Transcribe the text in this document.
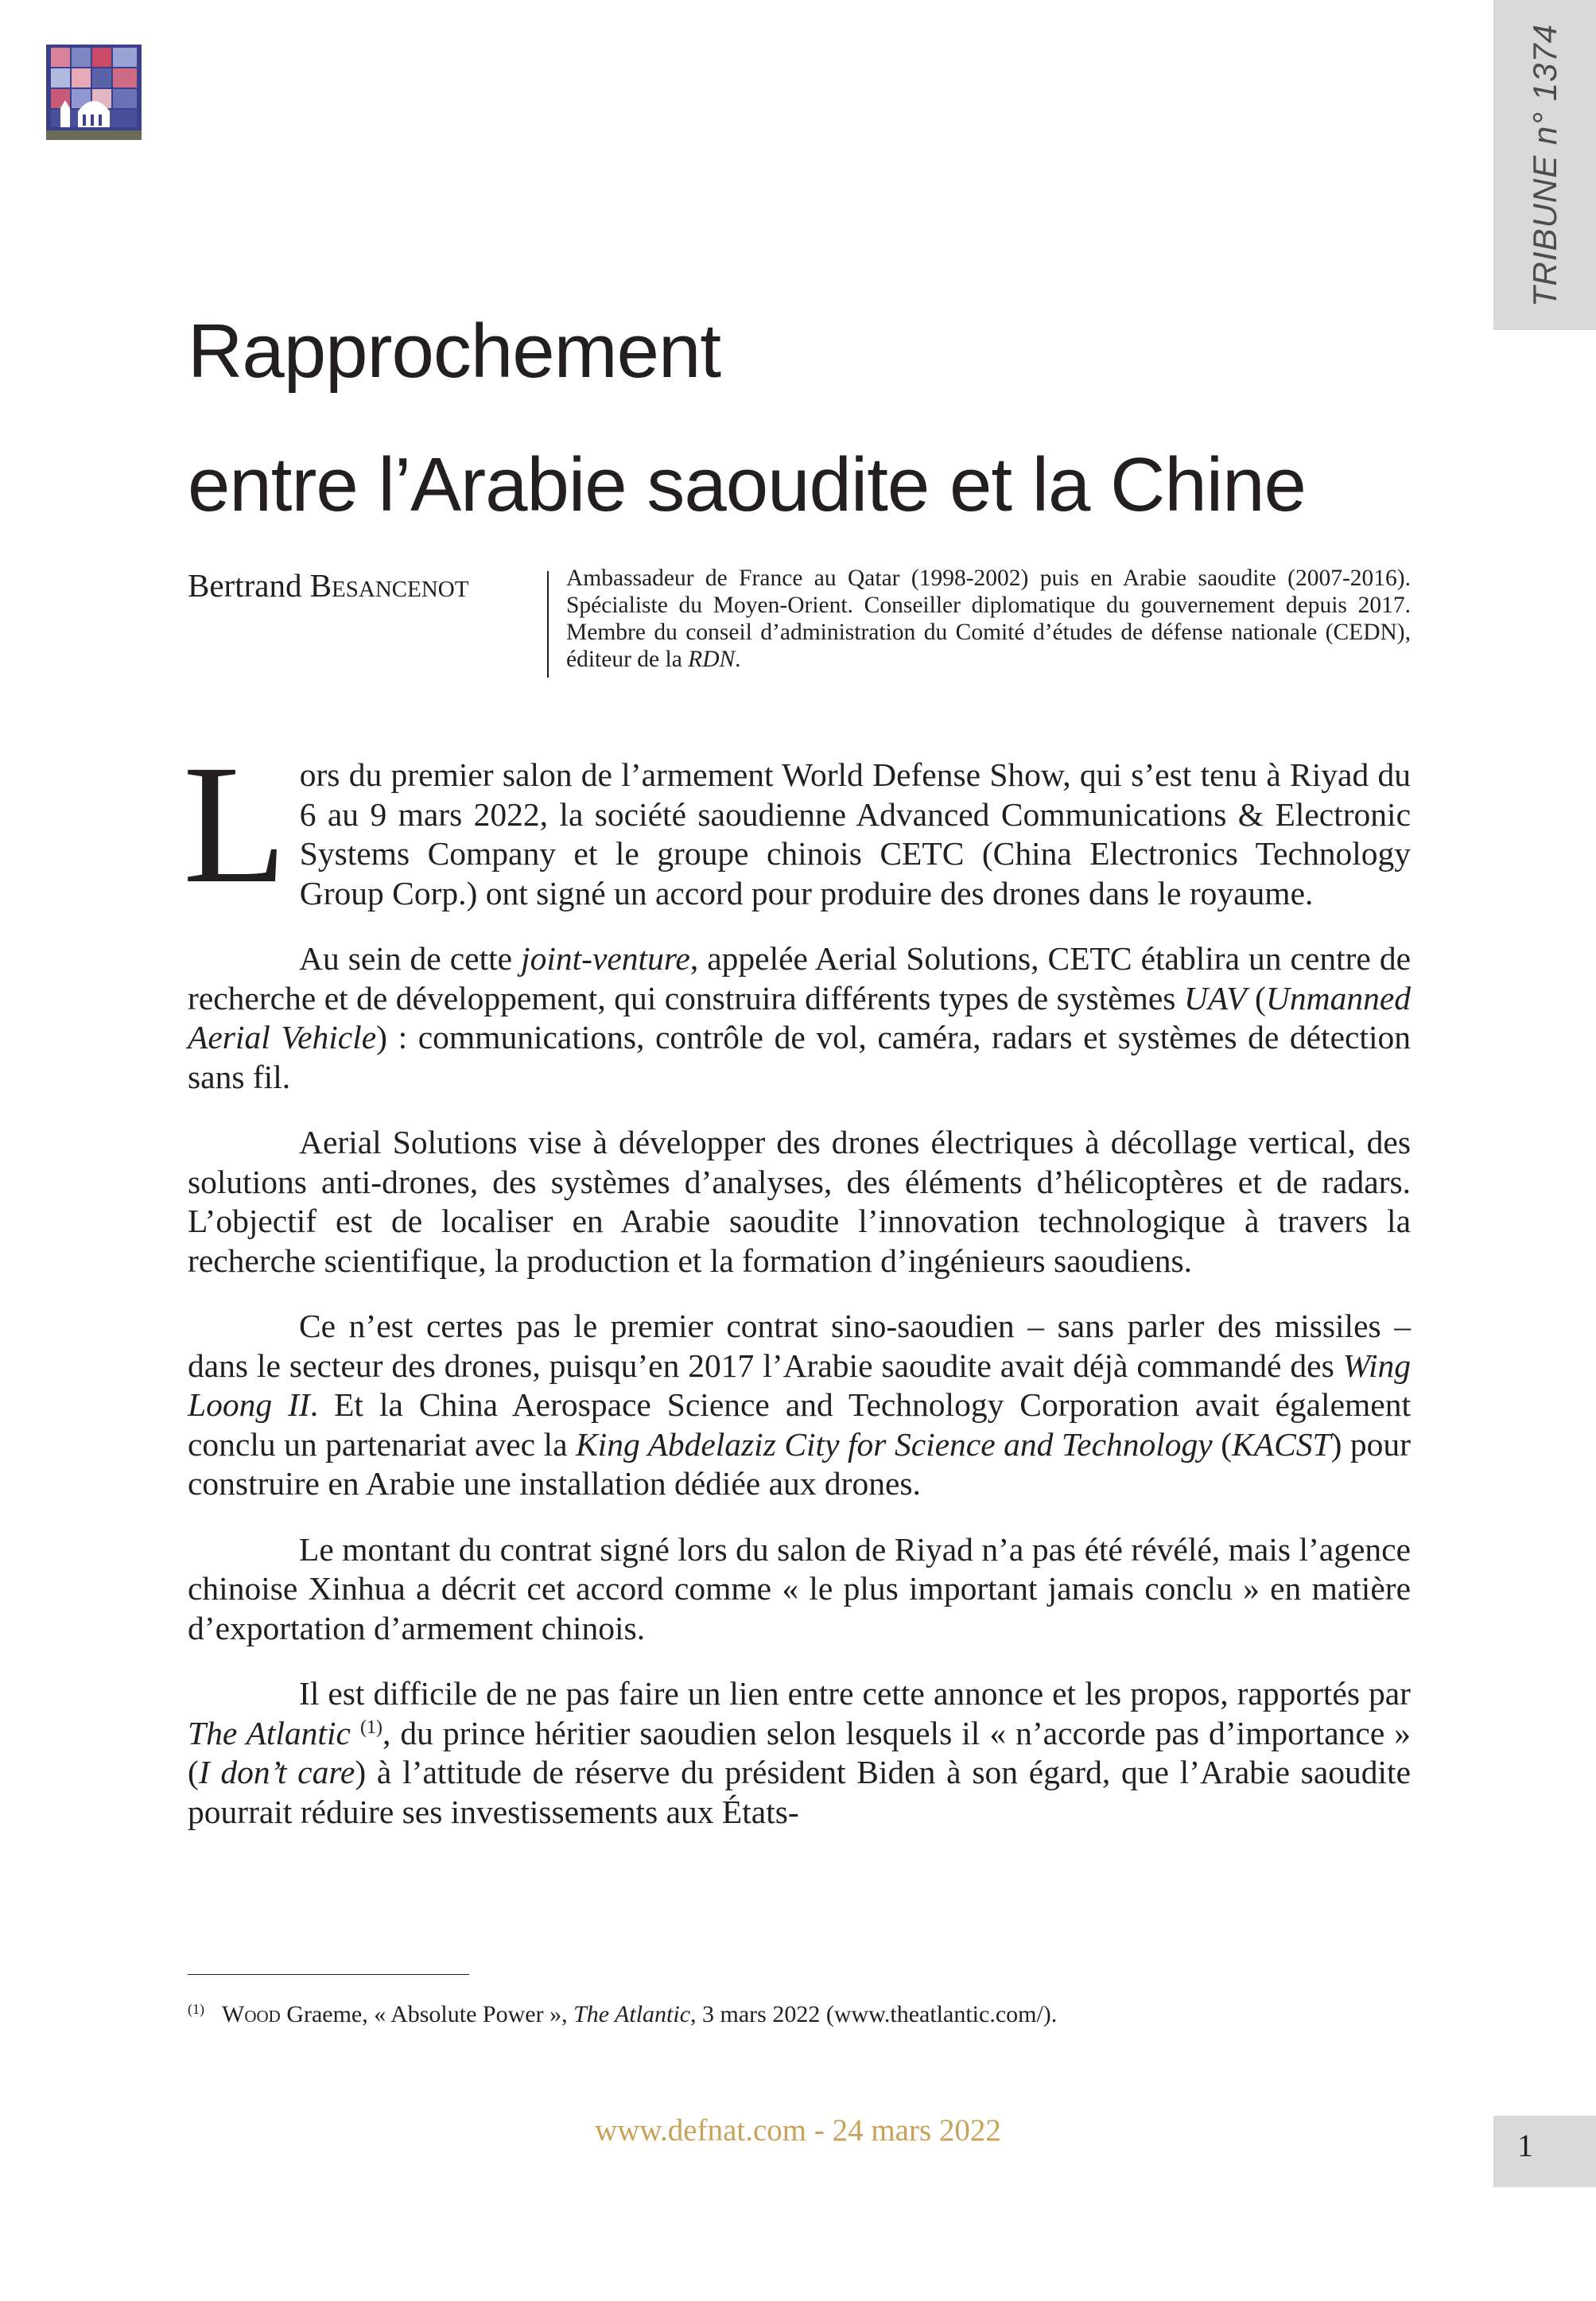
TRIBUNE n° 1374
Rapprochement
entre l’Arabie saoudite et la Chine
Bertrand Besancenot	Ambassadeur de France au Qatar (1998-2002) puis en Arabie saoudite (2007-2016). Spécialiste du Moyen-Orient. Conseiller diplomatique du gouvernement depuis 2017. Membre du conseil d’administration du Comité d’études de défense nationale (CEDN), éditeur de la RDN.

Lors du premier salon de l’armement World Defense Show, qui s’est tenu à Riyad du 6 au 9 mars 2022, la société saoudienne Advanced Communications & Electronic Systems Company et le groupe chinois CETC (China Electronics Technology Group Corp.) ont signé un accord pour produire des drones dans le royaume.

Au sein de cette joint-venture, appelée Aerial Solutions, CETC établira un centre de recherche et de développement, qui construira différents types de systèmes UAV (Unmanned Aerial Vehicle) : communications, contrôle de vol, caméra, radars et systèmes de détection sans fil.

Aerial Solutions vise à développer des drones électriques à décollage vertical, des solutions anti-drones, des systèmes d’analyses, des éléments d’hélicoptères et de radars. L’objectif est de localiser en Arabie saoudite l’innovation technologique à travers la recherche scientifique, la production et la formation d’ingénieurs saoudiens.

Ce n’est certes pas le premier contrat sino-saoudien – sans parler des missiles – dans le secteur des drones, puisqu’en 2017 l’Arabie saoudite avait déjà commandé des Wing Loong II. Et la China Aerospace Science and Technology Corporation avait également conclu un partenariat avec la King Abdelaziz City for Science and Technology (KACST) pour construire en Arabie une installation dédiée aux drones.

Le montant du contrat signé lors du salon de Riyad n’a pas été révélé, mais l’agence chinoise Xinhua a décrit cet accord comme « le plus important jamais conclu » en matière d’exportation d’armement chinois.

Il est difficile de ne pas faire un lien entre cette annonce et les propos, rapportés par The Atlantic $^{(1)}$, du prince héritier saoudien selon lesquels il « n’accorde pas d’importance » (I don’t care) à l’attitude de réserve du président Biden à son égard, que l’Arabie saoudite pourrait réduire ses investissements aux États-

$^{(1)}$ Wood Graeme, « Absolute Power », The Atlantic, 3 mars 2022 (www.theatlantic.com/).
www.defnat.com - 24 mars 2022	1
